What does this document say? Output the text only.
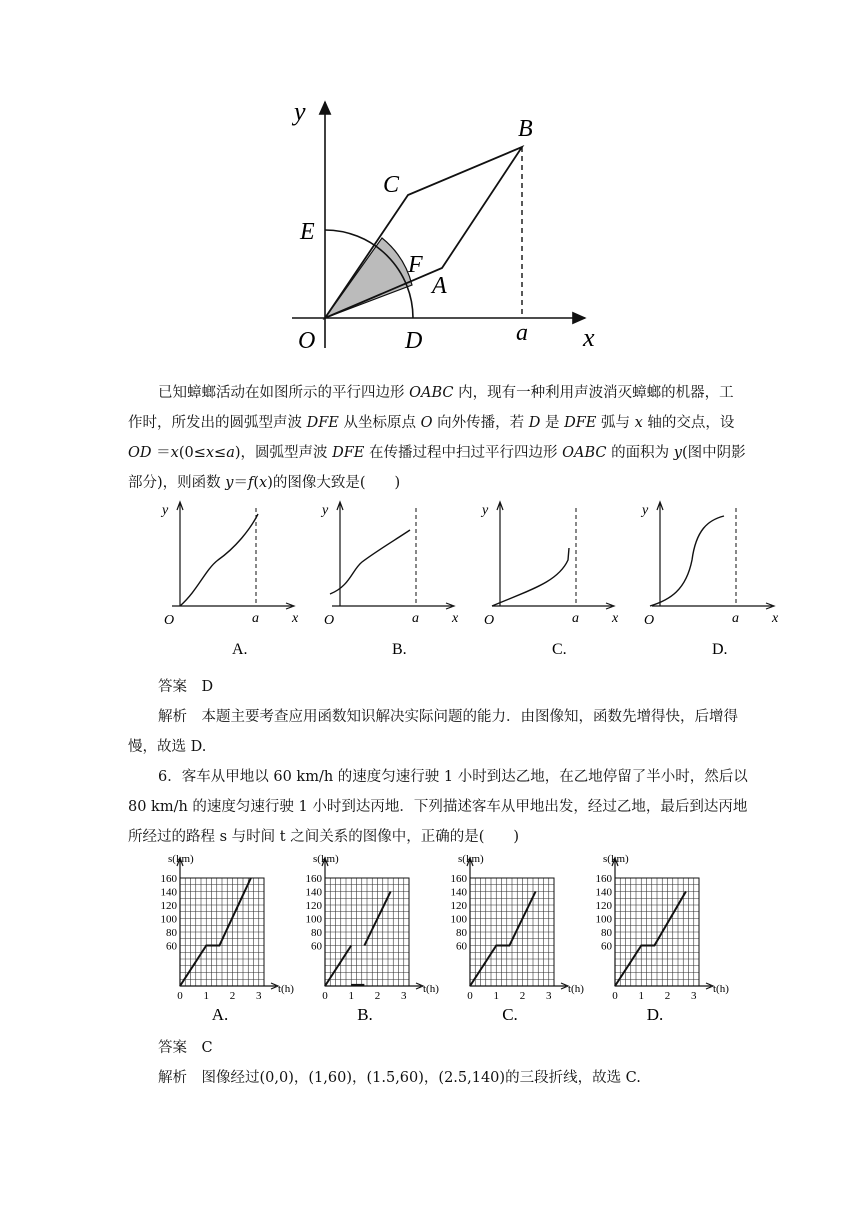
y
B
C
E
F
A
O	D	a x
已知蟑螂活动在如图所示的平行四边形 OABC 内，现有一种利用声波消灭蟑螂的机器，工作时，所发出的圆弧型声波 DFE 从坐标原点 O 向外传播，若 D 是 DFE 弧与 x 轴的交点，设 OD ＝x(0≤x≤a)，圆弧型声波 DFE 在传播过程中扫过平行四边形 OABC 的面积为 y(图中阴影部分)，则函数 y＝f(x)的图像大致是(　　)
y
O	a x
A.
y
O	a x
B.
y
O	a x
C.
y
O	a x
D.
答案　 D
解析　 本题主要考查应用函数知识解决实际问题的能力．由图像知，函数先增得快，后增得慢，故选 D.
6．客车从甲地以 60 km/h 的速度匀速行驶 1 小时到达乙地，在乙地停留了半小时，然后以 80 km/h 的速度匀速行驶 1 小时到达丙地．下列描述客车从甲地出发，经过乙地，最后到达丙地所经过的路程 s 与时间 t 之间关系的图像中，正确的是(　　)
160
140
120
100
80
60
0 1 2 3
s(km)
t(h)
A.
160
140
120
100
80
60
0 1 2 3
s(km)
t(h)
B.
160
140
120
100
80
60
0 1 2 3
s(km)
t(h)
C.
160
140
120
100
80
60
0 1 2 3
s(km)
t(h)
D.
答案　 C
解析　 图像经过(0,0)，(1,60)，(1.5,60)，(2.5,140)的三段折线，故选 C.
